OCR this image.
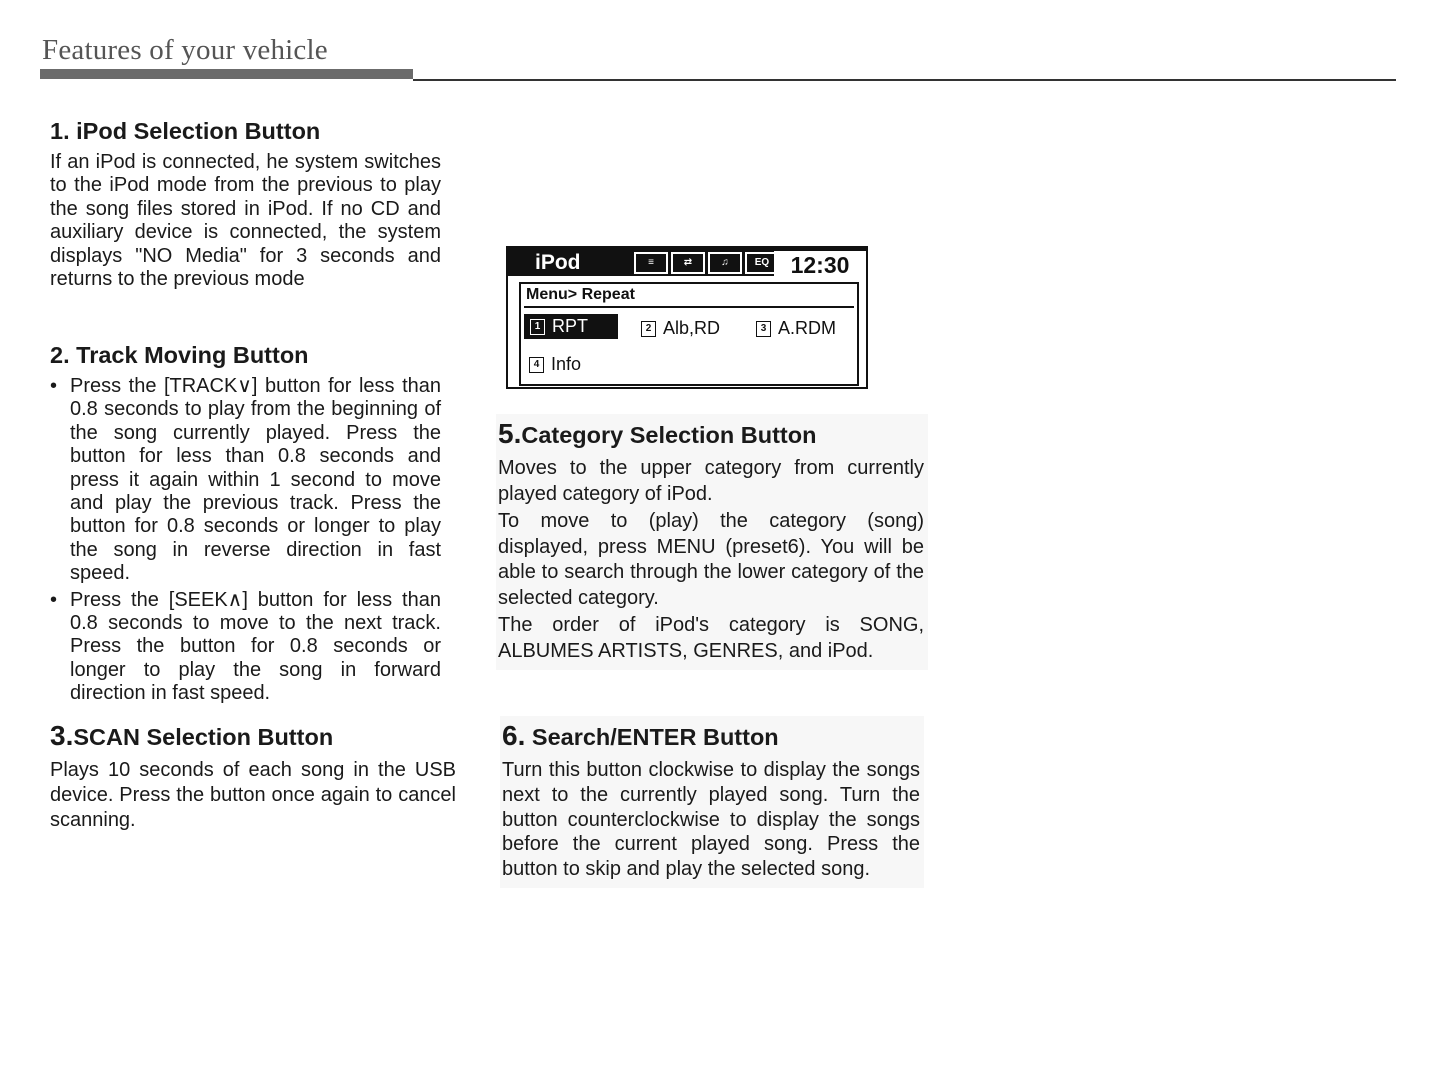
Features of your vehicle
1. iPod Selection Button

If an iPod is connected, he system switches to the iPod mode from the previous to play the song files stored in iPod. If no CD and auxiliary device is connected, the system displays "NO Media" for 3 seconds and returns to the previous mode

2. Track Moving Button
• Press the [TRACK∨] button for less than 0.8 seconds to play from the beginning of the song currently played. Press the button for less than 0.8 seconds and press it again within 1 second to move and play the previous track. Press the button for 0.8 seconds or longer to play the song in reverse direction in fast speed.
• Press the [SEEK∧] button for less than 0.8 seconds to move to the next track. Press the button for 0.8 seconds or longer to play the song in forward direction in fast speed.
3.SCAN Selection Button

Plays 10 seconds of each song in the USB device. Press the button once again to cancel scanning.

iPod	≡	⇄	♫	EQ 12:30
Menu> Repeat
1 RPT	2 Alb,RD	3 A.RDM
4 Info
5.Category Selection Button

Moves to the upper category from currently played category of iPod.

To move to (play) the category (song) displayed, press MENU (preset6). You will be able to search through the lower category of the selected category.

The order of iPod's category is SONG, ALBUMES ARTISTS, GENRES, and iPod.

6. Search/ENTER Button

Turn this button clockwise to display the songs next to the currently played song. Turn the button counterclockwise to display the songs before the current played song. Press the button to skip and play the selected song.
